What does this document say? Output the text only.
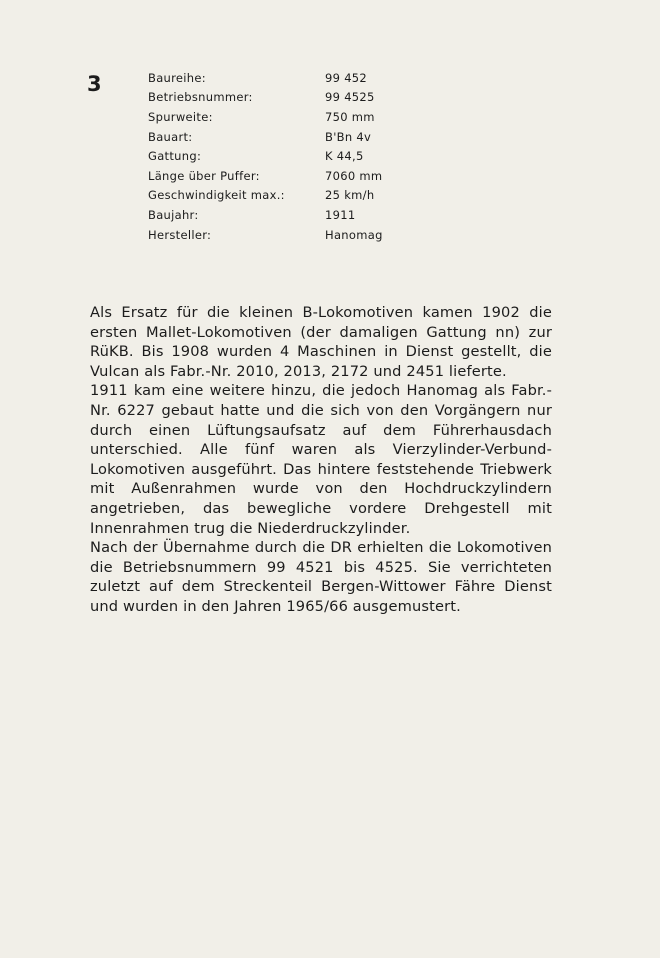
3	Baureihe:	99 452
Betriebsnummer:	99 4525
Spurweite:	750 mm
Bauart:	B'Bn 4v
Gattung:	K 44,5
Länge über Puffer:	7060 mm
Geschwindigkeit max.:	25 km/h
Baujahr:	1911
Hersteller:	Hanomag

Als Ersatz für die kleinen B-Lokomotiven kamen 1902 die ersten Mallet-Lokomotiven (der damaligen Gattung nn) zur RüKB. Bis 1908 wurden 4 Maschinen in Dienst gestellt, die Vulcan als Fabr.-Nr. 2010, 2013, 2172 und 2451 lieferte.

1911 kam eine weitere hinzu, die jedoch Hanomag als Fabr.-Nr. 6227 gebaut hatte und die sich von den Vorgängern nur durch einen Lüftungsaufsatz auf dem Führerhausdach unterschied. Alle fünf waren als Vierzylinder-Verbund-Lokomotiven ausgeführt. Das hintere feststehende Triebwerk mit Außenrahmen wurde von den Hochdruckzylindern angetrieben, das bewegliche vordere Drehgestell mit Innenrahmen trug die Niederdruckzylinder.

Nach der Übernahme durch die DR erhielten die Lokomotiven die Betriebsnummern 99 4521 bis 4525. Sie verrichteten zuletzt auf dem Streckenteil Bergen-Wittower Fähre Dienst und wurden in den Jahren 1965/66 ausgemustert.
